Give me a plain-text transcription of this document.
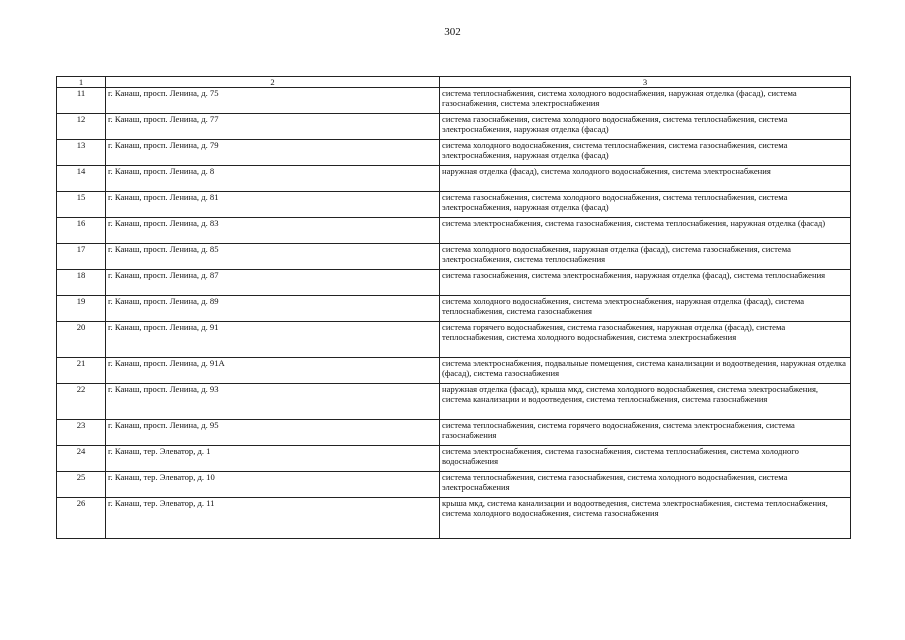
302
1	2	3
11	г. Канаш, просп. Ленина, д. 75	система теплоснабжения, система холодного водоснабжения, наружная отделка (фасад), система газоснабжения, система электроснабжения
12	г. Канаш, просп. Ленина, д. 77	система газоснабжения, система холодного водоснабжения, система теплоснабжения, система электроснабжения, наружная отделка (фасад)
13	г. Канаш, просп. Ленина, д. 79	система холодного водоснабжения, система теплоснабжения, система газоснабжения, система электроснабжения, наружная отделка (фасад)
14	г. Канаш, просп. Ленина, д. 8	наружная отделка (фасад), система холодного водоснабжения, система электроснабжения
15	г. Канаш, просп. Ленина, д. 81	система газоснабжения, система холодного водоснабжения, система теплоснабжения, система электроснабжения, наружная отделка (фасад)
16	г. Канаш, просп. Ленина, д. 83	система электроснабжения, система газоснабжения, система теплоснабжения, наружная отделка (фасад)
17	г. Канаш, просп. Ленина, д. 85	система холодного водоснабжения, наружная отделка (фасад), система газоснабжения, система электроснабжения, система теплоснабжения
18	г. Канаш, просп. Ленина, д. 87	система газоснабжения, система электроснабжения, наружная отделка (фасад), система теплоснабжения
19	г. Канаш, просп. Ленина, д. 89	система холодного водоснабжения, система электроснабжения, наружная отделка (фасад), система теплоснабжения, система газоснабжения
20	г. Канаш, просп. Ленина, д. 91	система горячего водоснабжения, система газоснабжения, наружная отделка (фасад), система теплоснабжения, система холодного водоснабжения, система электроснабжения
21	г. Канаш, просп. Ленина, д. 91А	система электроснабжения, подвальные помещения, система канализации и водоотведения, наружная отделка (фасад), система газоснабжения
22	г. Канаш, просп. Ленина, д. 93	наружная отделка (фасад), крыша мкд, система холодного водоснабжения, система электроснабжения, система канализации и водоотведения, система теплоснабжения, система газоснабжения
23	г. Канаш, просп. Ленина, д. 95	система теплоснабжения, система горячего водоснабжения, система электроснабжения, система газоснабжения
24	г. Канаш, тер. Элеватор, д. 1	система электроснабжения, система газоснабжения, система теплоснабжения, система холодного водоснабжения
25	г. Канаш, тер. Элеватор, д. 10	система теплоснабжения, система газоснабжения, система холодного водоснабжения, система электроснабжения
26	г. Канаш, тер. Элеватор, д. 11	крыша мкд, система канализации и водоотведения, система электроснабжения, система теплоснабжения, система холодного водоснабжения, система газоснабжения
